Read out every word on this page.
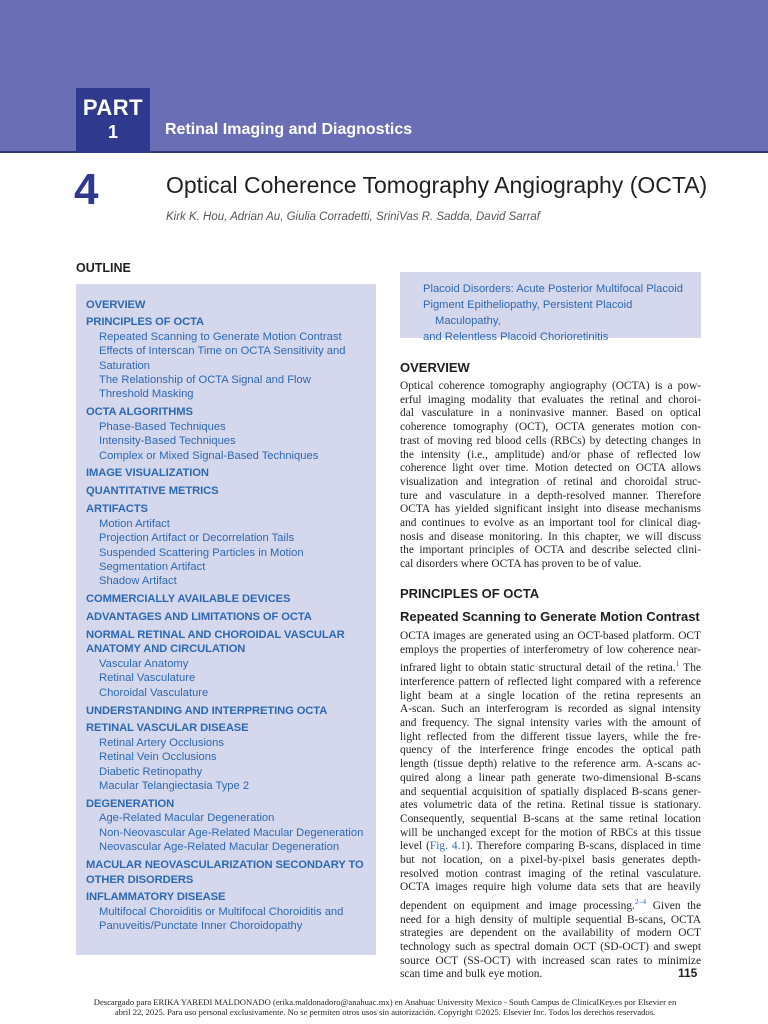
PART
1	Retinal Imaging and Diagnostics
4	Optical Coherence Tomography Angiography (OCTA)
Kirk K. Hou, Adrian Au, Giulia Corradetti, SriniVas R. Sadda, David Sarraf
OUTLINE
OVERVIEW
PRINCIPLES OF OCTA
Repeated Scanning to Generate Motion Contrast
Effects of Interscan Time on OCTA Sensitivity and
Saturation
The Relationship of OCTA Signal and Flow
Threshold Masking
OCTA ALGORITHMS
Phase-Based Techniques
Intensity-Based Techniques
Complex or Mixed Signal-Based Techniques
IMAGE VISUALIZATION
QUANTITATIVE METRICS
ARTIFACTS
Motion Artifact
Projection Artifact or Decorrelation Tails
Suspended Scattering Particles in Motion
Segmentation Artifact
Shadow Artifact
COMMERCIALLY AVAILABLE DEVICES
ADVANTAGES AND LIMITATIONS OF OCTA
NORMAL RETINAL AND CHOROIDAL VASCULAR
ANATOMY AND CIRCULATION
Vascular Anatomy
Retinal Vasculature
Choroidal Vasculature
UNDERSTANDING AND INTERPRETING OCTA
RETINAL VASCULAR DISEASE
Retinal Artery Occlusions
Retinal Vein Occlusions
Diabetic Retinopathy
Macular Telangiectasia Type 2
DEGENERATION
Age-Related Macular Degeneration
Non-Neovascular Age-Related Macular Degeneration
Neovascular Age-Related Macular Degeneration
MACULAR NEOVASCULARIZATION SECONDARY TO
OTHER DISORDERS
INFLAMMATORY DISEASE
Multifocal Choroiditis or Multifocal Choroiditis and
Panuveitis/Punctate Inner Choroidopathy
Placoid Disorders: Acute Posterior Multifocal Placoid
Pigment Epitheliopathy, Persistent Placoid Maculopathy,
and Relentless Placoid Chorioretinitis
OVERVIEW
Optical coherence tomography angiography (OCTA) is a pow-
erful imaging modality that evaluates the retinal and choroi-
dal vasculature in a noninvasive manner. Based on optical
coherence tomography (OCT), OCTA generates motion con-
trast of moving red blood cells (RBCs) by detecting changes in
the intensity (i.e., amplitude) and/or phase of reflected low
coherence light over time. Motion detected on OCTA allows
visualization and integration of retinal and choroidal struc-
ture and vasculature in a depth-resolved manner. Therefore
OCTA has yielded significant insight into disease mechanisms
and continues to evolve as an important tool for clinical diag-
nosis and disease monitoring. In this chapter, we will discuss
the important principles of OCTA and describe selected clini-
cal disorders where OCTA has proven to be of value.
PRINCIPLES OF OCTA
Repeated Scanning to Generate Motion Contrast
OCTA images are generated using an OCT-based platform. OCT
employs the properties of interferometry of low coherence near-
infrared light to obtain static structural detail of the retina.$^1$ The
interference pattern of reflected light compared with a reference
light beam at a single location of the retina represents an
A-scan. Such an interferogram is recorded as signal intensity
and frequency. The signal intensity varies with the amount of
light reflected from the different tissue layers, while the fre-
quency of the interference fringe encodes the optical path
length (tissue depth) relative to the reference arm. A-scans ac-
quired along a linear path generate two-dimensional B-scans
and sequential acquisition of spatially displaced B-scans gener-
ates volumetric data of the retina. Retinal tissue is stationary.
Consequently, sequential B-scans at the same retinal location
will be unchanged except for the motion of RBCs at this tissue
level (Fig. 4.1). Therefore comparing B-scans, displaced in time
but not location, on a pixel-by-pixel basis generates depth-
resolved motion contrast imaging of the retinal vasculature.
OCTA images require high volume data sets that are heavily
dependent on equipment and image processing.$^{2-4}$ Given the
need for a high density of multiple sequential B-scans, OCTA
strategies are dependent on the availability of modern OCT
technology such as spectral domain OCT (SD-OCT) and swept
source OCT (SS-OCT) with increased scan rates to minimize
scan time and bulk eye motion.	115
Descargado para ERIKA YAREDI MALDONADO (erika.maldonadoro@anahuac.mx) en Anahuac University Mexico - South Campus de ClinicalKey.es por Elsevier en
abril 22, 2025. Para uso personal exclusivamente. No se permiten otros usos sin autorización. Copyright ©2025. Elsevier Inc. Todos los derechos reservados.
